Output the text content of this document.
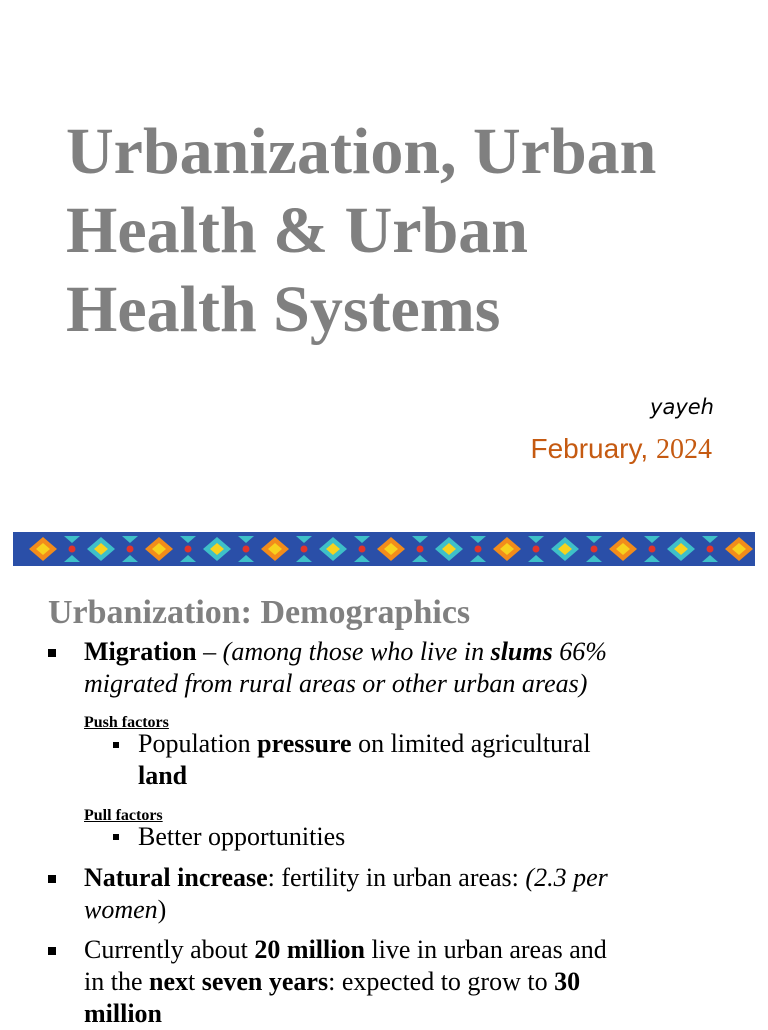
Urbanization, Urban
Health & Urban
Health Systems
yayeh
February, 2024
Urbanization: Demographics
Migration – (among those who live in slums 66%
migrated from rural areas or other urban areas)
Push factors
Population pressure on limited agricultural
land
Pull factors
Better opportunities
Natural increase: fertility in urban areas: (2.3 per
women)
Currently about 20 million live in urban areas and
in the next seven years: expected to grow to 30
million
